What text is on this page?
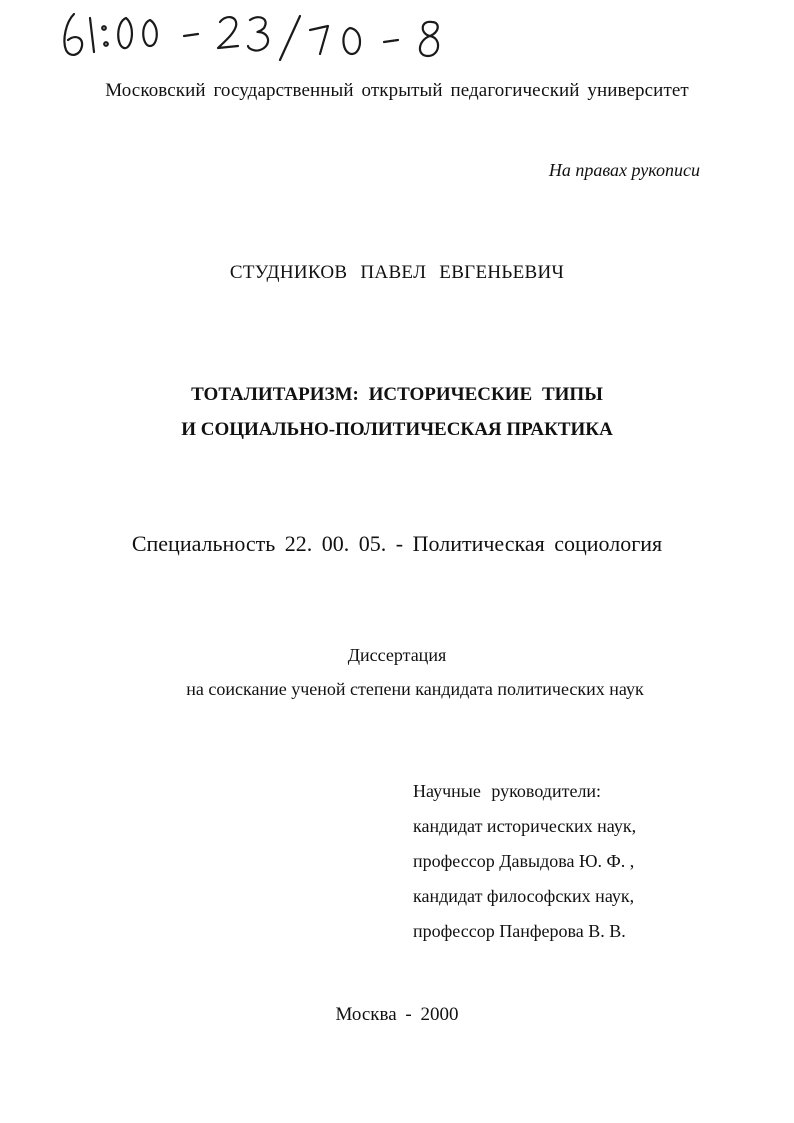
Московский государственный открытый педагогический университет
На правах рукописи
СТУДНИКОВ ПАВЕЛ ЕВГЕНЬЕВИЧ
ТОТАЛИТАРИЗМ: ИСТОРИЧЕСКИЕ ТИПЫ
И СОЦИАЛЬНО-ПОЛИТИЧЕСКАЯ ПРАКТИКА
Специальность 22. 00. 05. - Политическая социология
Диссертация
на соискание ученой степени кандидата политических наук
Научные руководители:
кандидат исторических наук,
профессор Давыдова Ю. Ф. ,
кандидат философских наук,
профессор Панферова В. В.
Москва - 2000
